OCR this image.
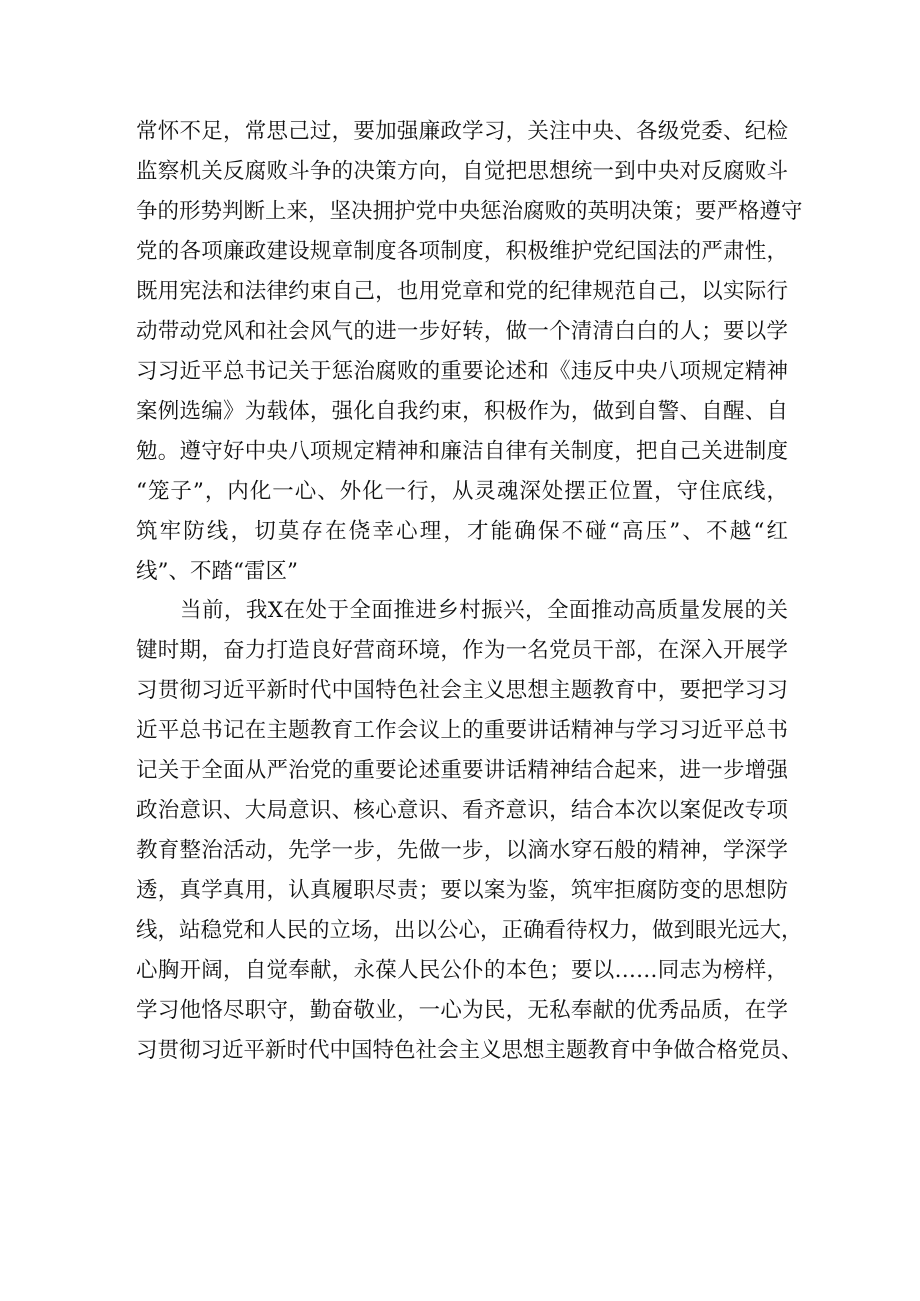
常怀不足，常思己过，要加强廉政学习，关注中央、各级党委、纪检
监察机关反腐败斗争的决策方向，自觉把思想统一到中央对反腐败斗
争的形势判断上来，坚决拥护党中央惩治腐败的英明决策；要严格遵守
党的各项廉政建设规章制度各项制度，积极维护党纪国法的严肃性，
既用宪法和法律约束自己，也用党章和党的纪律规范自己，以实际行
动带动党风和社会风气的进一步好转，做一个清清白白的人；要以学
习习近平总书记关于惩治腐败的重要论述和《违反中央八项规定精神
案例选编》为载体，强化自我约束，积极作为，做到自警、自醒、自
勉。遵守好中央八项规定精神和廉洁自律有关制度，把自己关进制度
“笼子”，内化一心、外化一行，从灵魂深处摆正位置，守住底线，
筑牢防线，切莫存在侥幸心理，才能确保不碰“高压”、不越“红
线”、不踏“雷区”
当前，我X在处于全面推进乡村振兴，全面推动高质量发展的关
键时期，奋力打造良好营商环境，作为一名党员干部，在深入开展学
习贯彻习近平新时代中国特色社会主义思想主题教育中，要把学习习
近平总书记在主题教育工作会议上的重要讲话精神与学习习近平总书
记关于全面从严治党的重要论述重要讲话精神结合起来，进一步增强
政治意识、大局意识、核心意识、看齐意识，结合本次以案促改专项
教育整治活动，先学一步，先做一步，以滴水穿石般的精神，学深学
透，真学真用，认真履职尽责；要以案为鉴，筑牢拒腐防变的思想防
线，站稳党和人民的立场，出以公心，正确看待权力，做到眼光远大，
心胸开阔，自觉奉献，永葆人民公仆的本色；要以……同志为榜样，
学习他恪尽职守，勤奋敬业，一心为民，无私奉献的优秀品质，在学
习贯彻习近平新时代中国特色社会主义思想主题教育中争做合格党员、
